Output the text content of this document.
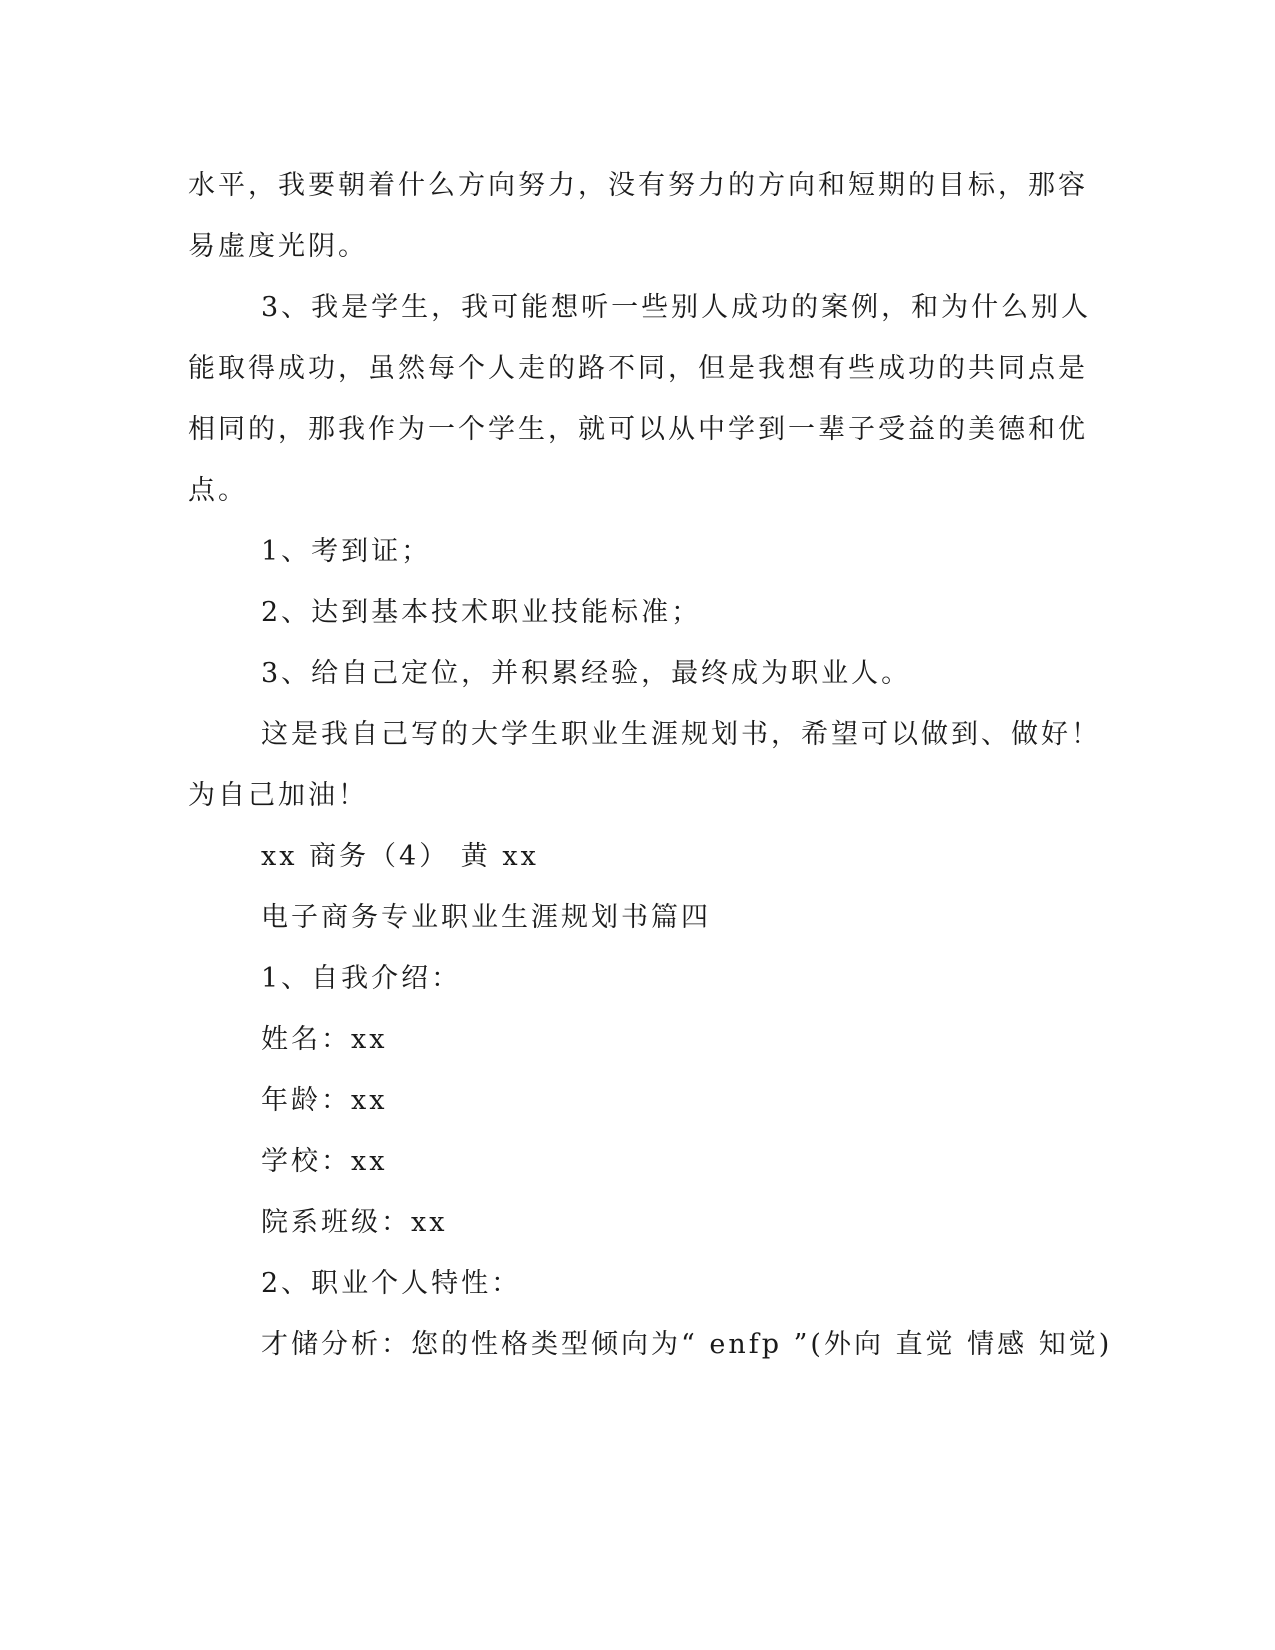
水平，我要朝着什么方向努力，没有努力的方向和短期的目标，那容
易虚度光阴。
3、我是学生，我可能想听一些别人成功的案例，和为什么别人
能取得成功，虽然每个人走的路不同，但是我想有些成功的共同点是
相同的，那我作为一个学生，就可以从中学到一辈子受益的美德和优
点。
1、考到证；
2、达到基本技术职业技能标准；
3、给自己定位，并积累经验，最终成为职业人。
这是我自己写的大学生职业生涯规划书，希望可以做到、做好！
为自己加油！
xx 商务（4） 黄 xx
电子商务专业职业生涯规划书篇四
1、自我介绍：
姓名：xx
年龄：xx
学校：xx
院系班级：xx
2、职业个人特性：
才储分析：您的性格类型倾向为“ enfp ”(外向 直觉 情感 知觉)
